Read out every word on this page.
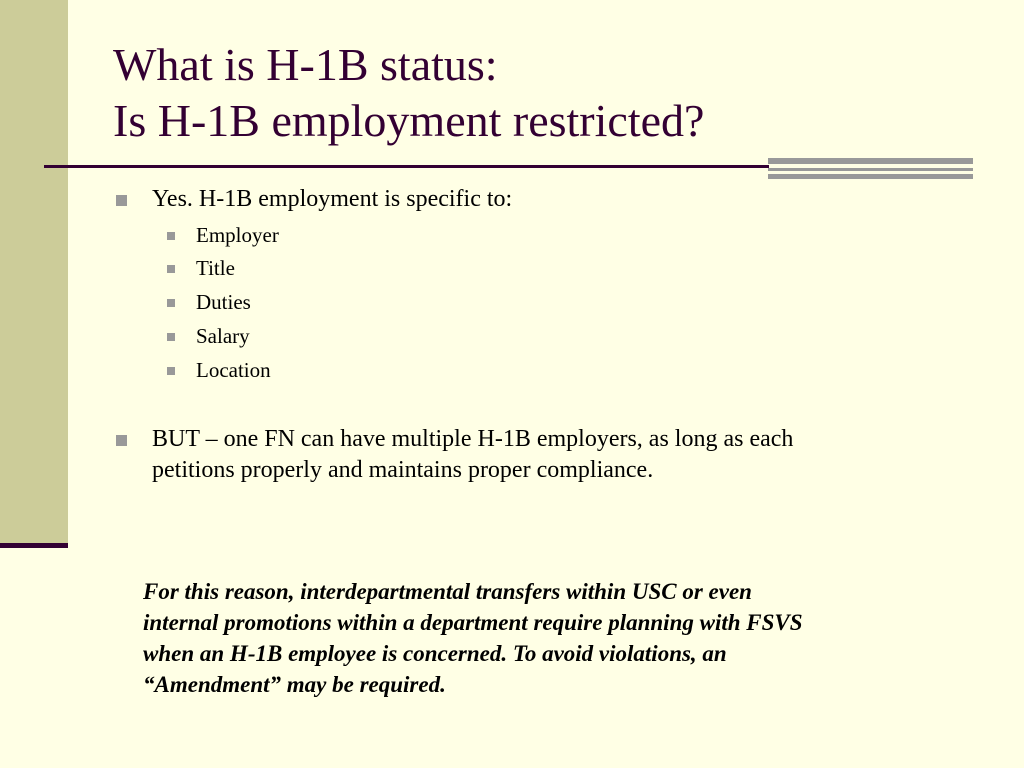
What is H-1B status:
Is H-1B employment restricted?
Yes. H-1B employment is specific to:
Employer
Title
Duties
Salary
Location
BUT – one FN can have multiple H-1B employers, as long as each
petitions properly and maintains proper compliance.
For this reason, interdepartmental transfers within USC or even
internal promotions within a department require planning with FSVS
when an H-1B employee is concerned. To avoid violations, an
“Amendment” may be required.
